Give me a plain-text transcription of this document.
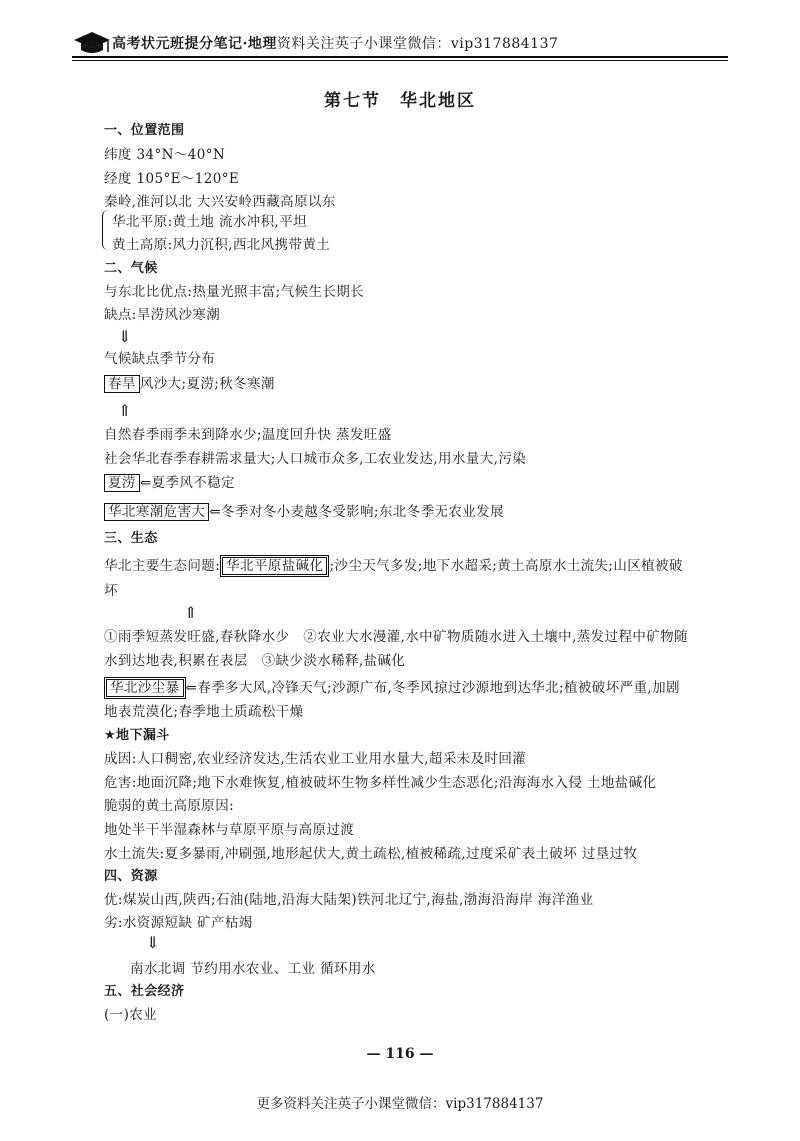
高考状元班提分笔记·地理资料关注英子小课堂微信：vip317884137
第七节　华北地区
一、位置范围
纬度 34°N～40°N
经度 105°E～120°E
秦岭,淮河以北 大兴安岭西藏高原以东
华北平原:黄土地 流水冲积,平坦
黄土高原:风力沉积,西北风携带黄土
二、气候
与东北比优点:热量光照丰富;气候生长期长
缺点:旱涝风沙寒潮
⇓
气候缺点季节分布
春旱 风沙大;夏涝;秋冬寒潮
⇑
自然春季雨季未到降水少;温度回升快 蒸发旺盛
社会华北春季春耕需求量大;人口城市众多,工农业发达,用水量大,污染
夏涝 ⇐夏季风不稳定
华北寒潮危害大 ⇐冬季对冬小麦越冬受影响;东北冬季无农业发展
三、生态
华北主要生态问题: 华北平原盐碱化 ;沙尘天气多发;地下水超采;黄土高原水土流失;山区植被破
坏
⇑
①雨季短蒸发旺盛,春秋降水少　②农业大水漫灌,水中矿物质随水进入土壤中,蒸发过程中矿物随
水到达地表,积累在表层　③缺少淡水稀释,盐碱化
华北沙尘暴 ⇐春季多大风,冷锋天气;沙源广布,冬季风掠过沙源地到达华北;植被破坏严重,加剧
地表荒漠化;春季地土质疏松干燥
★地下漏斗
成因:人口稠密,农业经济发达,生活农业工业用水量大,超采未及时回灌
危害:地面沉降;地下水难恢复,植被破坏生物多样性减少生态恶化;沿海海水入侵 土地盐碱化
脆弱的黄土高原原因:
地处半干半湿森林与草原平原与高原过渡
水土流失:夏多暴雨,冲刷强,地形起伏大,黄土疏松,植被稀疏,过度采矿表土破坏 过垦过牧
四、资源
优:煤炭山西,陕西;石油(陆地,沿海大陆架)铁河北辽宁,海盐,渤海沿海岸 海洋渔业
劣:水资源短缺 矿产枯竭
⇓
南水北调 节约用水农业、工业 循环用水
五、社会经济
(一)农业
— 116 —
更多资料关注英子小课堂微信：vip317884137
